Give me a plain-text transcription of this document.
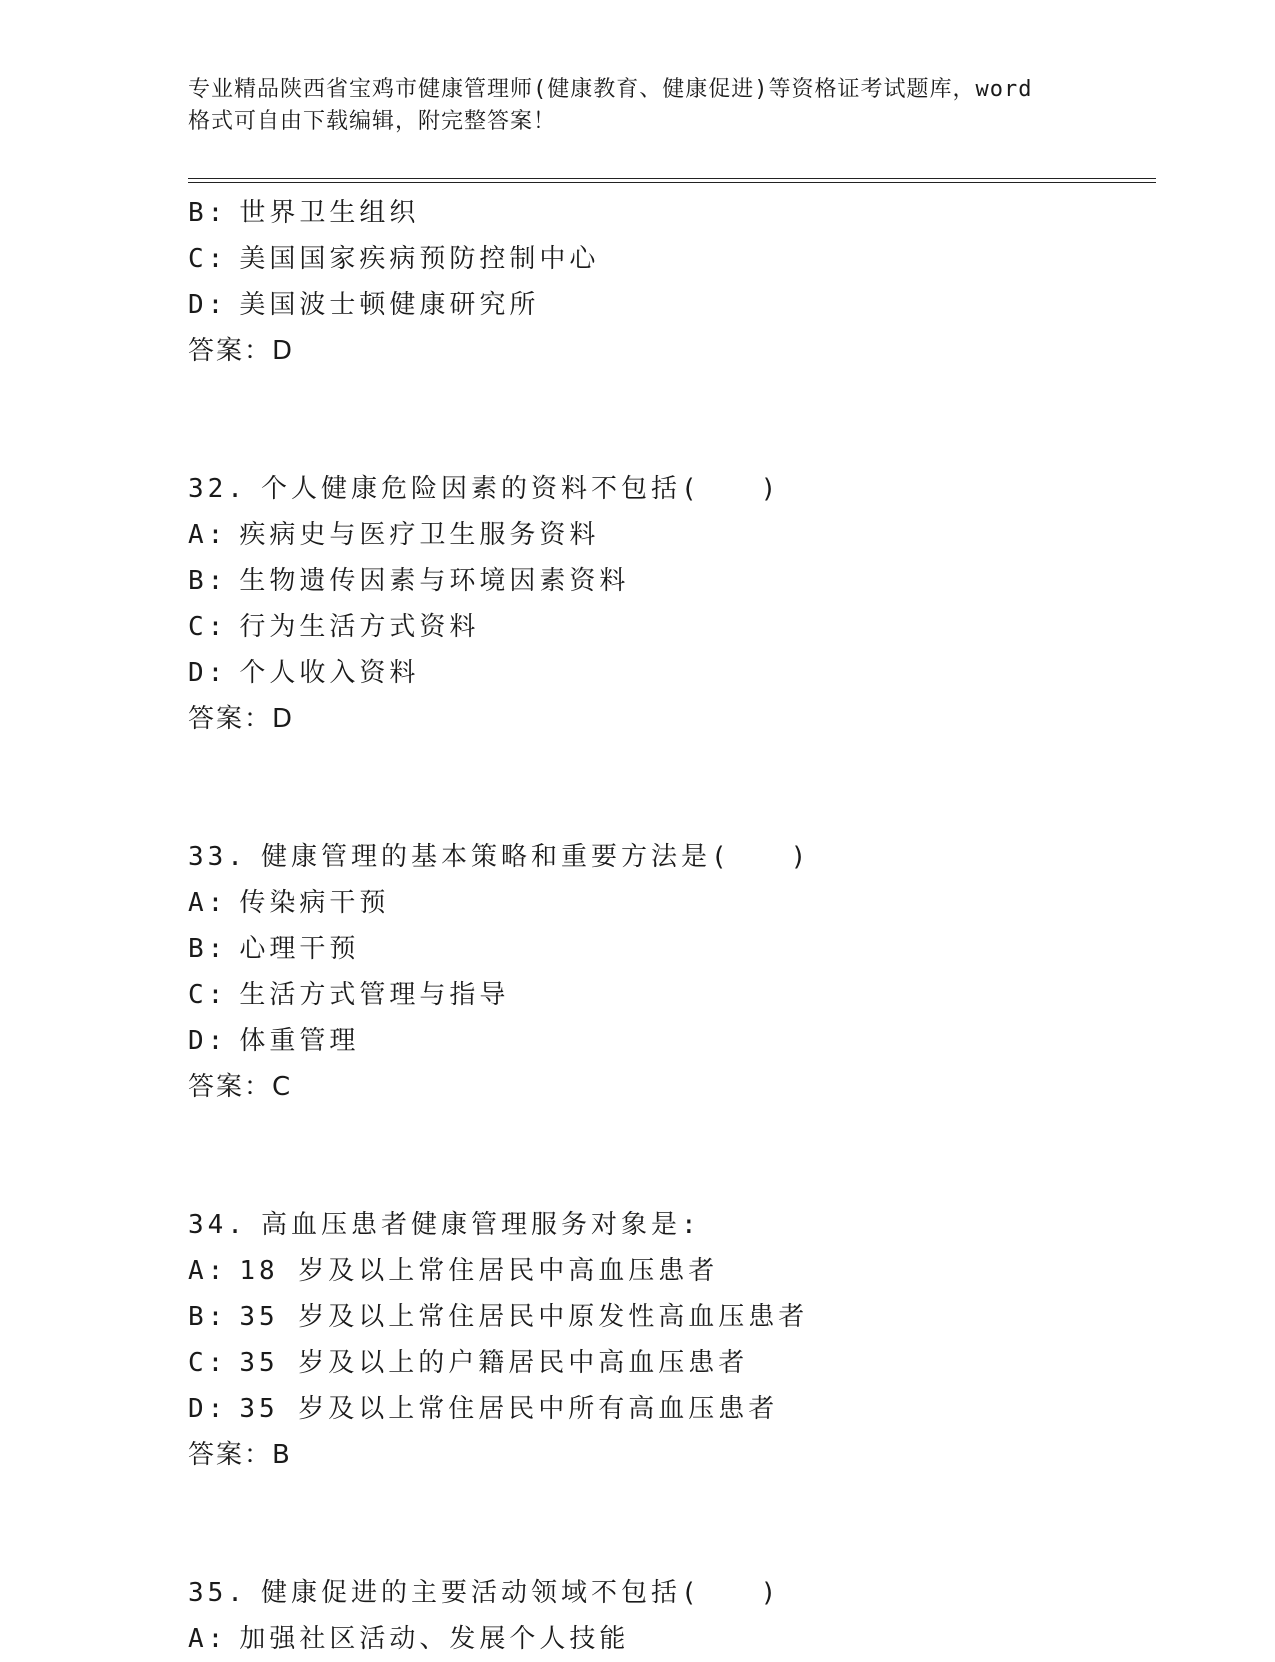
专业精品陕西省宝鸡市健康管理师(健康教育、健康促进)等资格证考试题库，word
格式可自由下载编辑，附完整答案！
B: 世界卫生组织
C: 美国国家疾病预防控制中心
D: 美国波士顿健康研究所
答案：D
32. 个人健康危险因素的资料不包括(　　)
A: 疾病史与医疗卫生服务资料
B: 生物遗传因素与环境因素资料
C: 行为生活方式资料
D: 个人收入资料
答案：D
33. 健康管理的基本策略和重要方法是(　　)
A: 传染病干预
B: 心理干预
C: 生活方式管理与指导
D: 体重管理
答案：C
34. 高血压患者健康管理服务对象是:
A: 18 岁及以上常住居民中高血压患者
B: 35 岁及以上常住居民中原发性高血压患者
C: 35 岁及以上的户籍居民中高血压患者
D: 35 岁及以上常住居民中所有高血压患者
答案：B
35. 健康促进的主要活动领域不包括(　　)
A: 加强社区活动、发展个人技能
